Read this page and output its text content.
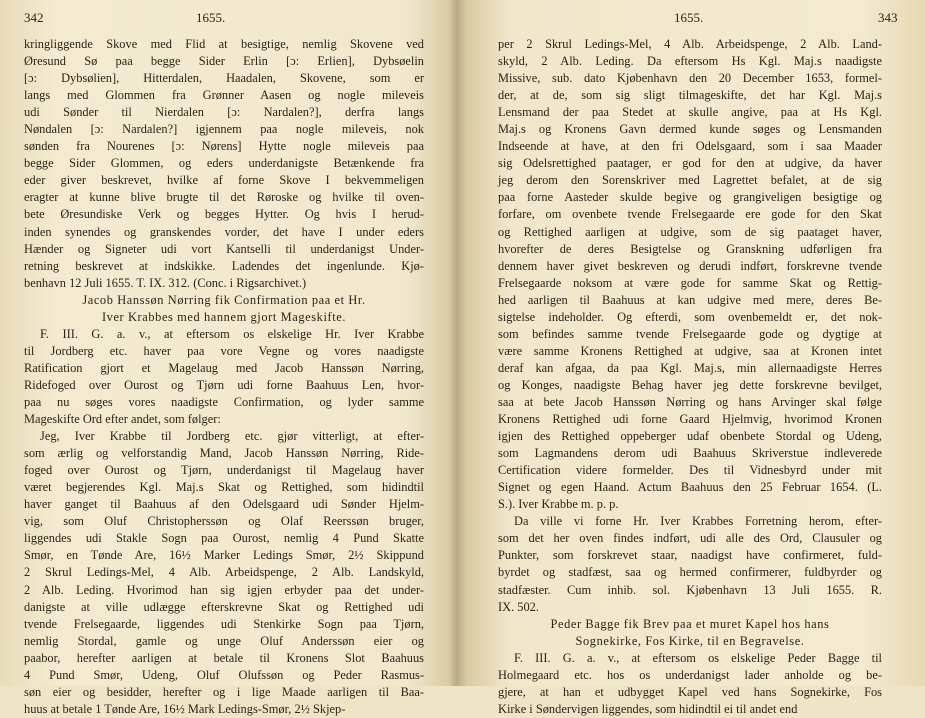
342	1655.
kringliggende Skove med Flid at besigtige, nemlig Skovene ved
Øresund Sø paa begge Sider Erlin [ɔ: Erlien], Dybsøelin
[ɔ: Dybsølien], Hitterdalen, Haadalen, Skovene, som er
langs med Glommen fra Grønner Aasen og nogle mileveis
udi Sønder til Nierdalen [ɔ: Nardalen?], derfra langs
Nøndalen [ɔ: Nardalen?] igjennem paa nogle mileveis, nok
sønden fra Nourenes [ɔ: Nørens] Hytte nogle mileveis paa
begge Sider Glommen, og eders underdanigste Betænkende fra
eder giver beskrevet, hvilke af forne Skove I bekvemmeligen
eragter at kunne blive brugte til det Røroske og hvilke til oven-
bete Øresundiske Verk og begges Hytter. Og hvis I herud-
inden synendes og granskendes vorder, det have I under eders
Hænder og Signeter udi vort Kantselli til underdanigst Under-
retning beskrevet at indskikke. Ladendes det ingenlunde. Kjø-
benhavn 12 Juli 1655. T. IX. 312. (Conc. i Rigsarchivet.)
Jacob Hanssøn Nørring fik Confirmation paa et Hr.
Iver Krabbes med hannem gjort Mageskifte.
F. III. G. a. v., at eftersom os elskelige Hr. Iver Krabbe
til Jordberg etc. haver paa vore Vegne og vores naadigste
Ratification gjort et Magelaug med Jacob Hanssøn Nørring,
Ridefoged over Ourost og Tjørn udi forne Baahuus Len, hvor-
paa nu søges vores naadigste Confirmation, og lyder samme
Mageskifte Ord efter andet, som følger:
Jeg, Iver Krabbe til Jordberg etc. gjør vitterligt, at efter-
som ærlig og velforstandig Mand, Jacob Hanssøn Nørring, Ride-
foged over Ourost og Tjørn, underdanigst til Magelaug haver
været begjerendes Kgl. Maj.s Skat og Rettighed, som hidindtil
haver ganget til Baahuus af den Odelsgaard udi Sønder Hjelm-
vig, som Oluf Christopherssøn og Olaf Reerssøn bruger,
liggendes udi Stakle Sogn paa Ourost, nemlig 4 Pund Skatte
Smør, en Tønde Are, 16½ Marker Ledings Smør, 2½ Skippund
2 Skrul Ledings-Mel, 4 Alb. Arbeidspenge, 2 Alb. Landskyld,
2 Alb. Leding. Hvorimod han sig igjen erbyder paa det under-
danigste at ville udlægge efterskrevne Skat og Rettighed udi
tvende Frelsegaarde, liggendes udi Stenkirke Sogn paa Tjørn,
nemlig Stordal, gamle og unge Oluf Anderssøn eier og
paabor, herefter aarligen at betale til Kronens Slot Baahuus
4 Pund Smør, Udeng, Oluf Olufssøn og Peder Rasmus-
søn eier og besidder, herefter og i lige Maade aarligen til Baa-
huus at betale 1 Tønde Are, 16½ Mark Ledings-Smør, 2½ Skjep-
1655.	343
per 2 Skrul Ledings-Mel, 4 Alb. Arbeidspenge, 2 Alb. Land-
skyld, 2 Alb. Leding. Da eftersom Hs Kgl. Maj.s naadigste
Missive, sub. dato Kjøbenhavn den 20 December 1653, formel-
der, at de, som sig sligt tilmageskifte, det har Kgl. Maj.s
Lensmand der paa Stedet at skulle angive, paa at Hs Kgl.
Maj.s og Kronens Gavn dermed kunde søges og Lensmanden
Indseende at have, at den fri Odelsgaard, som i saa Maader
sig Odelsrettighed paatager, er god for den at udgive, da haver
jeg derom den Sorenskriver med Lagrettet befalet, at de sig
paa forne Aasteder skulde begive og grangiveligen besigtige og
forfare, om ovenbete tvende Frelsegaarde ere gode for den Skat
og Rettighed aarligen at udgive, som de sig paataget haver,
hvorefter de deres Besigtelse og Granskning udførligen fra
dennem haver givet beskreven og derudi indført, forskrevne tvende
Frelsegaarde noksom at være gode for samme Skat og Rettig-
hed aarligen til Baahuus at kan udgive med mere, deres Be-
sigtelse indeholder. Og efterdi, som ovenbemeldt er, det nok-
som befindes samme tvende Frelsegaarde gode og dygtige at
være samme Kronens Rettighed at udgive, saa at Kronen intet
deraf kan afgaa, da paa Kgl. Maj.s, min allernaadigste Herres
og Konges, naadigste Behag haver jeg dette forskrevne bevilget,
saa at bete Jacob Hanssøn Nørring og hans Arvinger skal følge
Kronens Rettighed udi forne Gaard Hjelmvig, hvorimod Kronen
igjen des Rettighed oppeberger udaf obenbete Stordal og Udeng,
som Lagmandens derom udi Baahuus Skriverstue indleverede
Certification videre formelder. Des til Vidnesbyrd under mit
Signet og egen Haand. Actum Baahuus den 25 Februar 1654. (L.
S.). Iver Krabbe m. p. p.
Da ville vi forne Hr. Iver Krabbes Forretning herom, efter-
som det her oven findes indført, udi alle des Ord, Clausuler og
Punkter, som forskrevet staar, naadigst have confirmeret, fuld-
byrdet og stadfæst, saa og hermed confirmerer, fuldbyrder og
stadfæster. Cum inhib. sol. Kjøbenhavn 13 Juli 1655. R.
IX. 502.
Peder Bagge fik Brev paa et muret Kapel hos hans
Sognekirke, Fos Kirke, til en Begravelse.
F. III. G. a. v., at eftersom os elskelige Peder Bagge til
Holmegaard etc. hos os underdanigst lader anholde og be-
gjere, at han et udbygget Kapel ved hans Sognekirke, Fos
Kirke i Søndervigen liggendes, som hidindtil ei til andet end
